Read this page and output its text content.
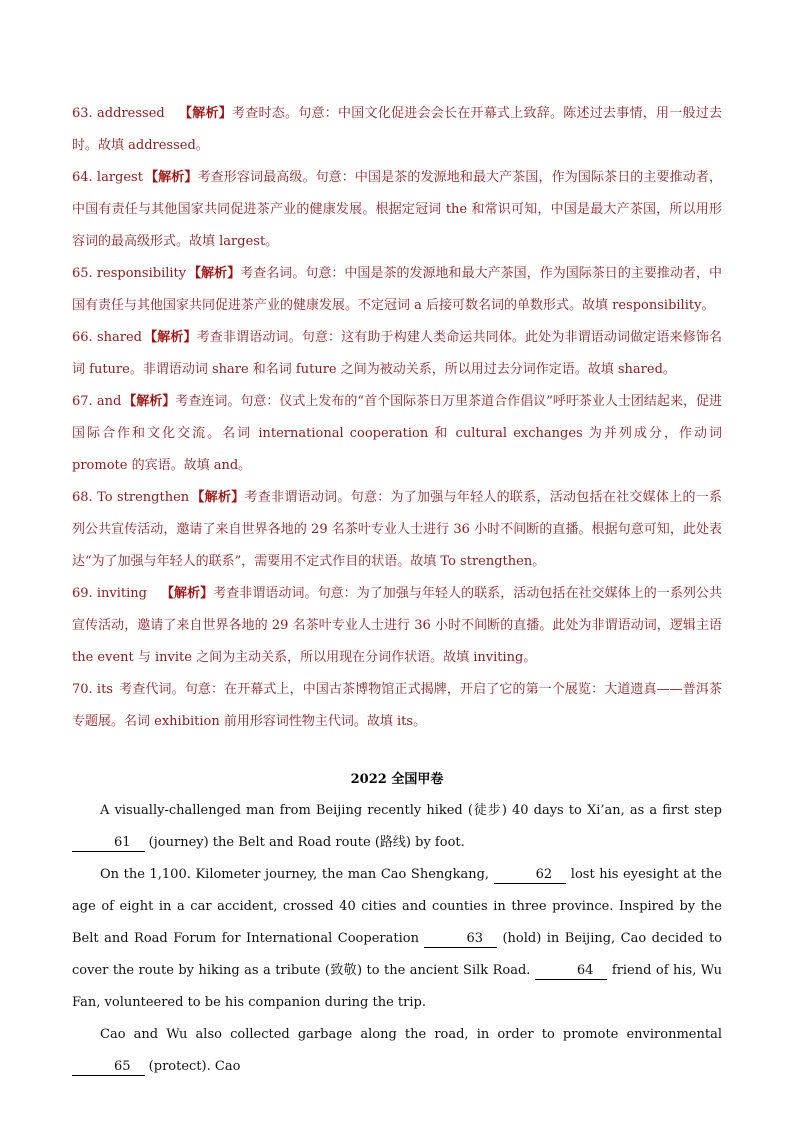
63. addressed 【解析】考查时态。句意：中国文化促进会会长在开幕式上致辞。陈述过去事情，用一般过去时。故填 addressed。

64. largest 【解析】考查形容词最高级。句意：中国是茶的发源地和最大产茶国，作为国际茶日的主要推动者，中国有责任与其他国家共同促进茶产业的健康发展。根据定冠词 the 和常识可知，中国是最大产茶国，所以用形容词的最高级形式。故填 largest。

65. responsibility 【解析】考查名词。句意：中国是茶的发源地和最大产茶国，作为国际茶日的主要推动者，中国有责任与其他国家共同促进茶产业的健康发展。不定冠词 a 后接可数名词的单数形式。故填 responsibility。

66. shared 【解析】考查非谓语动词。句意：这有助于构建人类命运共同体。此处为非谓语动词做定语来修饰名词 future。非谓语动词 share 和名词 future 之间为被动关系，所以用过去分词作定语。故填 shared。

67. and 【解析】考查连词。句意：仪式上发布的“首个国际茶日万里茶道合作倡议”呼吁茶业人士团结起来，促进国际合作和文化交流。名词 international cooperation 和 cultural exchanges 为并列成分，作动词 promote 的宾语。故填 and。

68. To strengthen 【解析】考查非谓语动词。句意：为了加强与年轻人的联系，活动包括在社交媒体上的一系列公共宣传活动，邀请了来自世界各地的 29 名茶叶专业人士进行 36 小时不间断的直播。根据句意可知，此处表达“为了加强与年轻人的联系”，需要用不定式作目的状语。故填 To strengthen。

69. inviting 【解析】考查非谓语动词。句意：为了加强与年轻人的联系，活动包括在社交媒体上的一系列公共宣传活动，邀请了来自世界各地的 29 名茶叶专业人士进行 36 小时不间断的直播。此处为非谓语动词，逻辑主语 the event 与 invite 之间为主动关系，所以用现在分词作状语。故填 inviting。

70. its 考查代词。句意：在开幕式上，中国古茶博物馆正式揭牌，开启了它的第一个展览：大道遗真——普洱茶专题展。名词 exhibition 前用形容词性物主代词。故填 its。

2022 全国甲卷

A visually-challenged man from Beijing recently hiked (徒步) 40 days to Xi’an, as a first step 61 (journey) the Belt and Road route (路线) by foot.

On the 1,100. Kilometer journey, the man Cao Shengkang,	62 lost his eyesight at the age of eight in a car accident, crossed 40 cities and counties in three province. Inspired by the Belt and Road Forum for International Cooperation	63 (hold) in Beijing, Cao decided to cover the route by hiking as a tribute (致敬) to the ancient Silk Road.	64 friend of his, Wu Fan, volunteered to be his companion during the trip.

Cao and Wu also collected garbage along the road, in order to promote environmental 65 (protect). Cao
